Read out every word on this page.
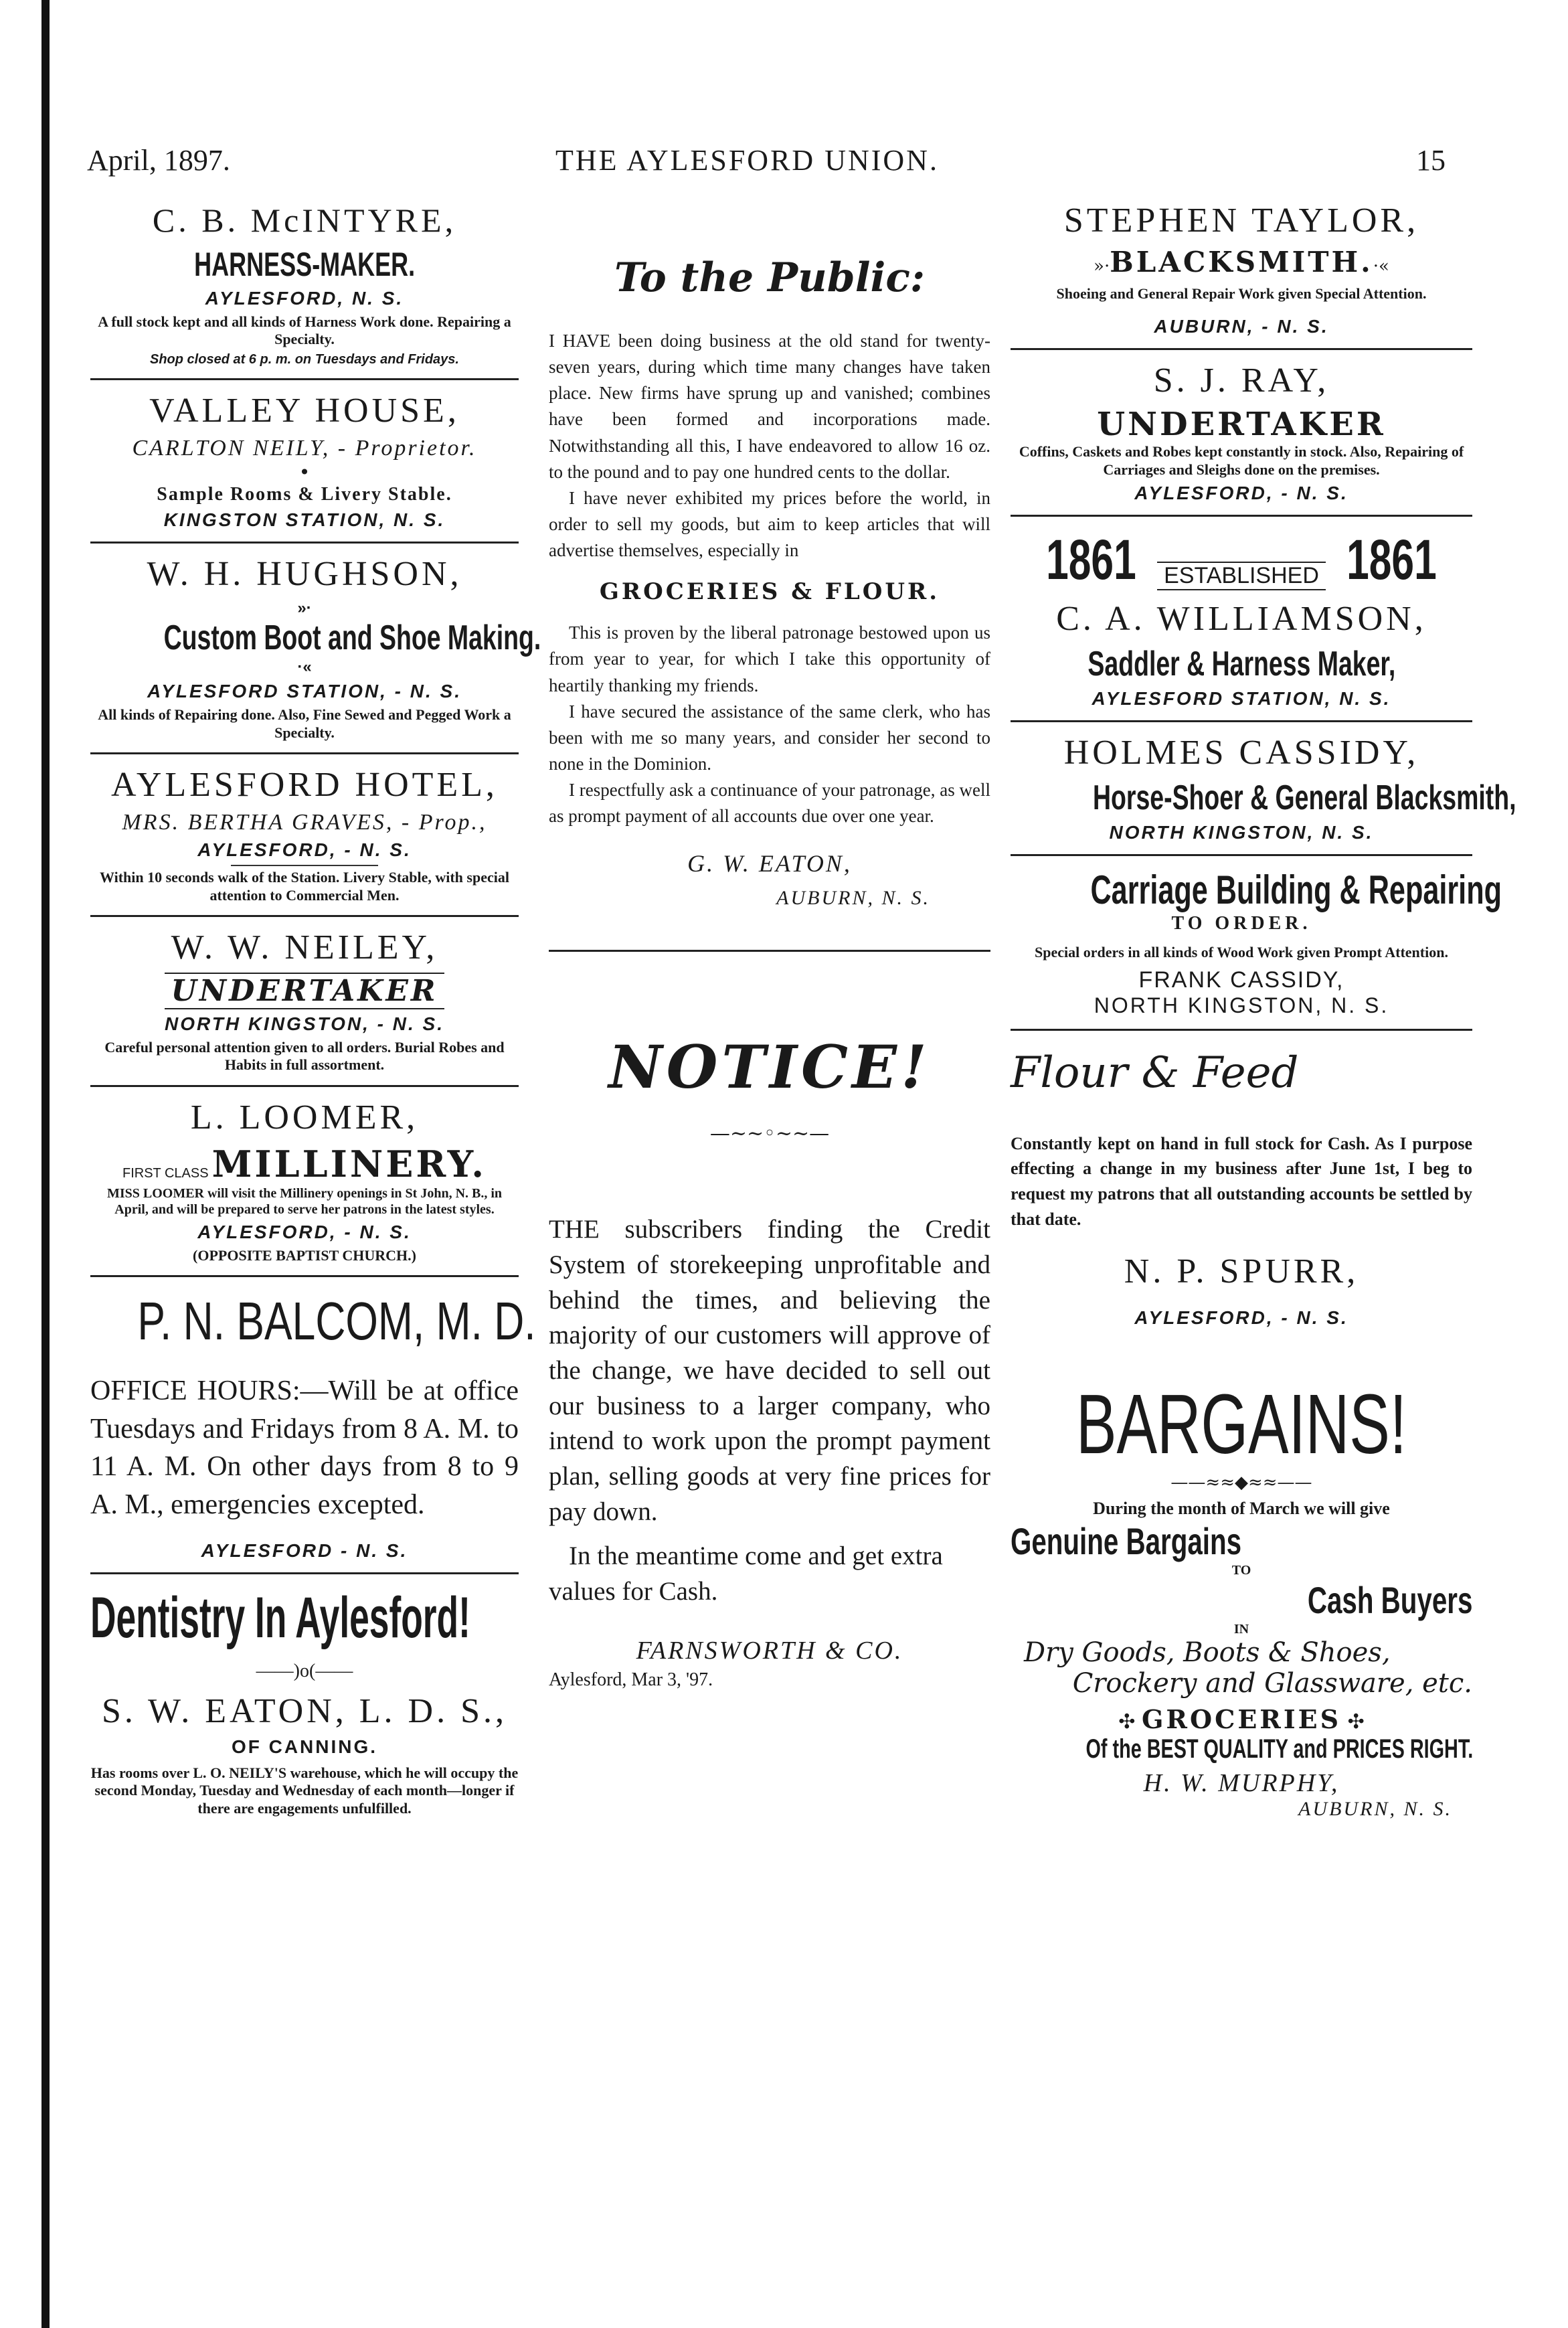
April, 1897.	THE AYLESFORD UNION.	15
C. B. McINTYRE,
HARNESS-MAKER.
AYLESFORD, N. S.
A full stock kept and all kinds of Harness Work done. Repairing a Specialty.
Shop closed at 6 p. m. on Tuesdays and Fridays.
VALLEY HOUSE,
CARLTON NEILY, - Proprietor.
•
Sample Rooms & Livery Stable.
KINGSTON STATION, N. S.
W. H. HUGHSON,
»·Custom Boot and Shoe Making.·«
AYLESFORD STATION, - N. S.
All kinds of Repairing done. Also, Fine Sewed and Pegged Work a Specialty.
AYLESFORD HOTEL,
MRS. BERTHA GRAVES, - Prop.,
AYLESFORD, - N. S.
Within 10 seconds walk of the Station. Livery Stable, with special attention to Commercial Men.
W. W. NEILEY,
UNDERTAKER
NORTH KINGSTON, - N. S.
Careful personal attention given to all orders. Burial Robes and Habits in full assortment.
L. LOOMER,
FIRST CLASS MILLINERY.
MISS LOOMER will visit the Millinery openings in St John, N. B., in April, and will be prepared to serve her patrons in the latest styles.
AYLESFORD, - N. S.
(OPPOSITE BAPTIST CHURCH.)
P. N. BALCOM, M. D.
OFFICE HOURS:—Will be at office Tuesdays and Fridays from 8 A. M. to 11 A. M. On other days from 8 to 9 A. M., emergencies excepted.
AYLESFORD - N. S.
Dentistry In Aylesford!
——)o(——
S. W. EATON, L. D. S.,
OF CANNING.
Has rooms over L. O. NEILY'S warehouse, which he will occupy the second Monday, Tuesday and Wednesday of each month—longer if there are engagements unfulfilled.
To the Public:
I HAVE been doing business at the old stand for twenty-seven years, during which time many changes have taken place. New firms have sprung up and vanished; combines have been formed and incorporations made. Notwithstanding all this, I have endeavored to allow 16 oz. to the pound and to pay one hundred cents to the dollar.
I have never exhibited my prices before the world, in order to sell my goods, but aim to keep articles that will advertise themselves, especially in
GROCERIES & FLOUR.
This is proven by the liberal patronage bestowed upon us from year to year, for which I take this opportunity of heartily thanking my friends.
I have secured the assistance of the same clerk, who has been with me so many years, and consider her second to none in the Dominion.
I respectfully ask a continuance of your patronage, as well as prompt payment of all accounts due over one year.
G. W. EATON,
AUBURN, N. S.
NOTICE!
—~~◦~~—
THE subscribers finding the Credit System of storekeeping unprofitable and behind the times, and believing the majority of our customers will approve of the change, we have decided to sell out our business to a larger company, who intend to work upon the prompt payment plan, selling goods at very fine prices for pay down.
In the meantime come and get extra values for Cash.
FARNSWORTH & CO.
Aylesford, Mar 3, '97.
STEPHEN TAYLOR,
»·BLACKSMITH.·«
Shoeing and General Repair Work given Special Attention.
AUBURN, - N. S.
S. J. RAY,
UNDERTAKER
Coffins, Caskets and Robes kept constantly in stock. Also, Repairing of Carriages and Sleighs done on the premises.
AYLESFORD, - N. S.
1861 ESTABLISHED 1861
C. A. WILLIAMSON,
Saddler & Harness Maker,
AYLESFORD STATION, N. S.
HOLMES CASSIDY,
Horse-Shoer & General Blacksmith,
NORTH KINGSTON, N. S.
Carriage Building & Repairing
TO ORDER.
Special orders in all kinds of Wood Work given Prompt Attention.
FRANK CASSIDY,
NORTH KINGSTON, N. S.
Flour & Feed
Constantly kept on hand in full stock for Cash. As I purpose effecting a change in my business after June 1st, I beg to request my patrons that all outstanding accounts be settled by that date.
N. P. SPURR,
AYLESFORD, - N. S.
BARGAINS!
——≈≈◆≈≈——
During the month of March we will give
Genuine Bargains
TO
Cash Buyers
IN
Dry Goods, Boots & Shoes,
Crockery and Glassware, etc.
✣ GROCERIES ✣
Of the BEST QUALITY and PRICES RIGHT.
H. W. MURPHY,
AUBURN, N. S.
